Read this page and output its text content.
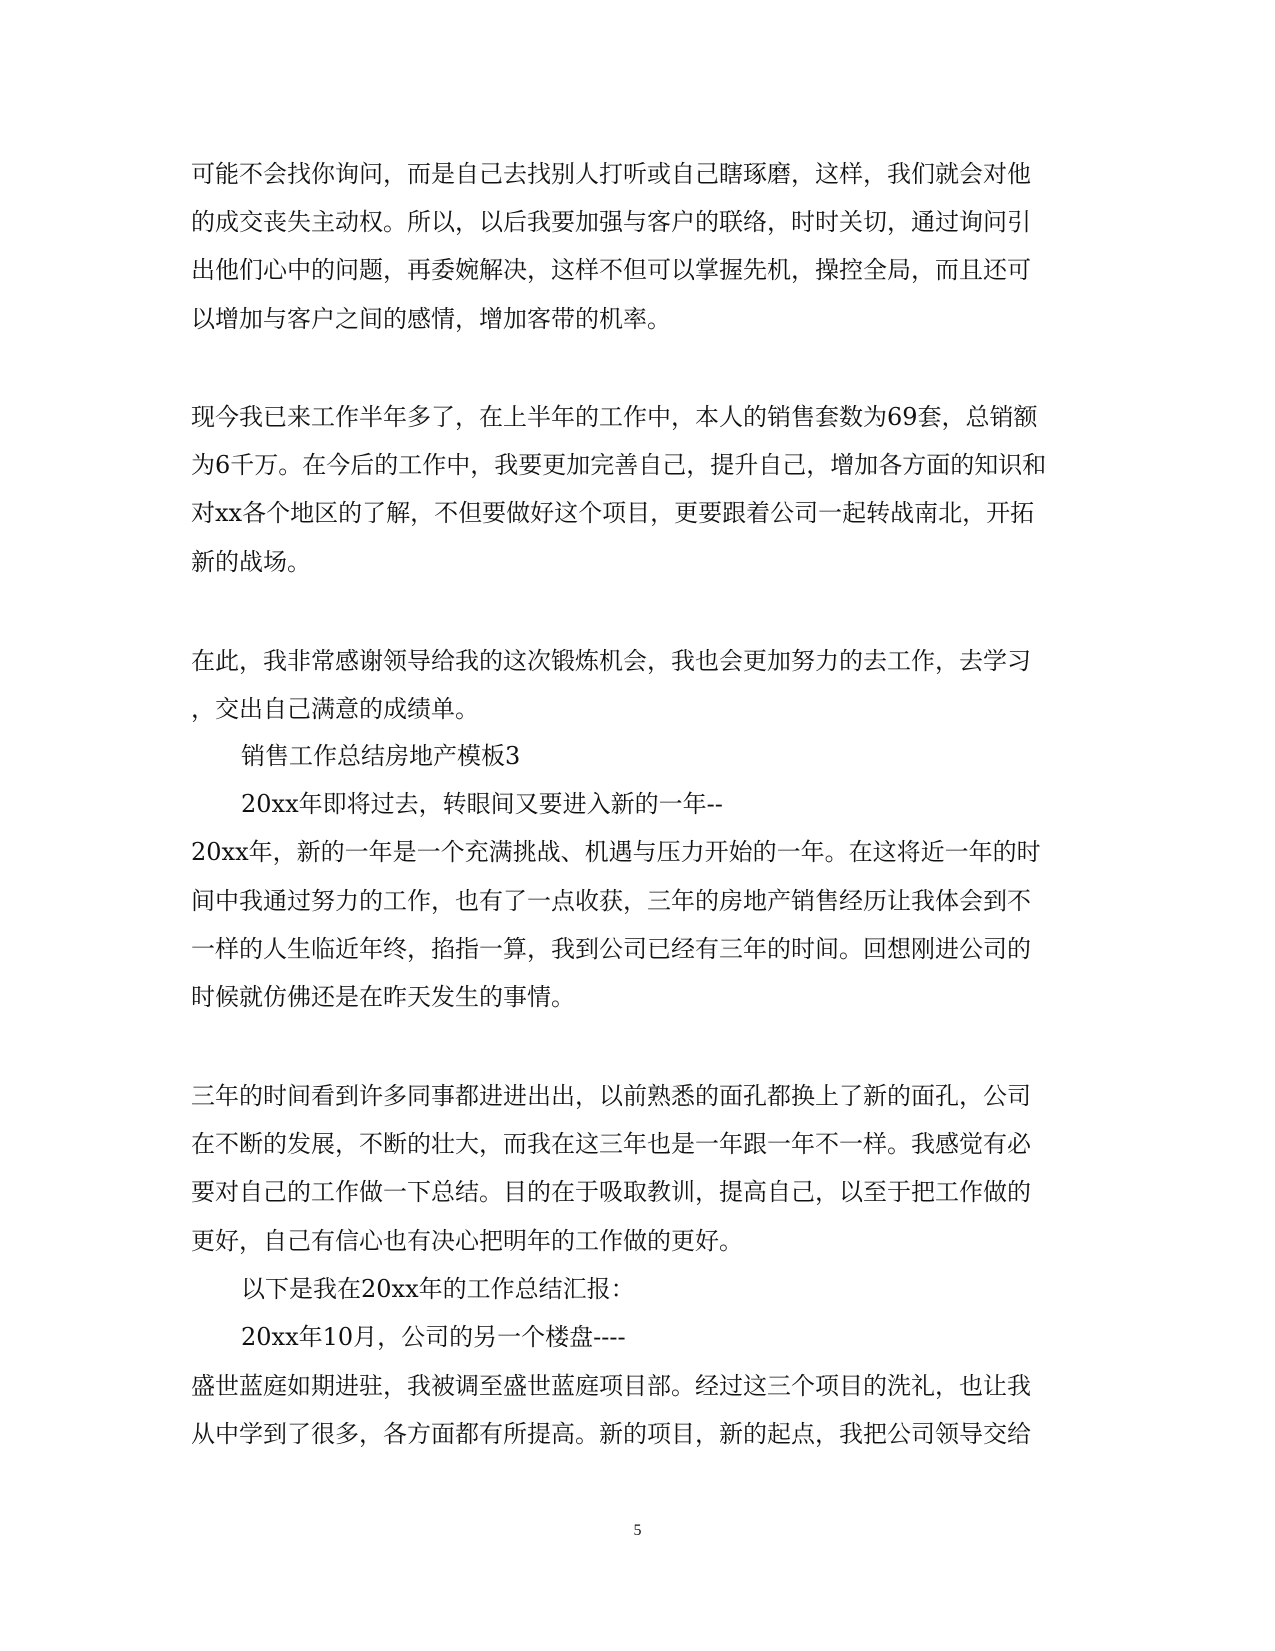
可能不会找你询问，而是自己去找别人打听或自己瞎琢磨，这样，我们就会对他

的成交丧失主动权。所以，以后我要加强与客户的联络，时时关切，通过询问引

出他们心中的问题，再委婉解决，这样不但可以掌握先机，操控全局，而且还可

以增加与客户之间的感情，增加客带的机率。

现今我已来工作半年多了，在上半年的工作中，本人的销售套数为69套，总销额

为6千万。在今后的工作中，我要更加完善自己，提升自己，增加各方面的知识和

对xx各个地区的了解，不但要做好这个项目，更要跟着公司一起转战南北，开拓

新的战场。

在此，我非常感谢领导给我的这次锻炼机会，我也会更加努力的去工作，去学习

，交出自己满意的成绩单。

销售工作总结房地产模板3

20xx年即将过去，转眼间又要进入新的一年--

20xx年，新的一年是一个充满挑战、机遇与压力开始的一年。在这将近一年的时

间中我通过努力的工作，也有了一点收获，三年的房地产销售经历让我体会到不

一样的人生临近年终，掐指一算，我到公司已经有三年的时间。回想刚进公司的

时候就仿佛还是在昨天发生的事情。

三年的时间看到许多同事都进进出出，以前熟悉的面孔都换上了新的面孔，公司

在不断的发展，不断的壮大，而我在这三年也是一年跟一年不一样。我感觉有必

要对自己的工作做一下总结。目的在于吸取教训，提高自己，以至于把工作做的

更好，自己有信心也有决心把明年的工作做的更好。

以下是我在20xx年的工作总结汇报：

20xx年10月，公司的另一个楼盘----

盛世蓝庭如期进驻，我被调至盛世蓝庭项目部。经过这三个项目的洗礼，也让我

从中学到了很多，各方面都有所提高。新的项目，新的起点，我把公司领导交给

5
